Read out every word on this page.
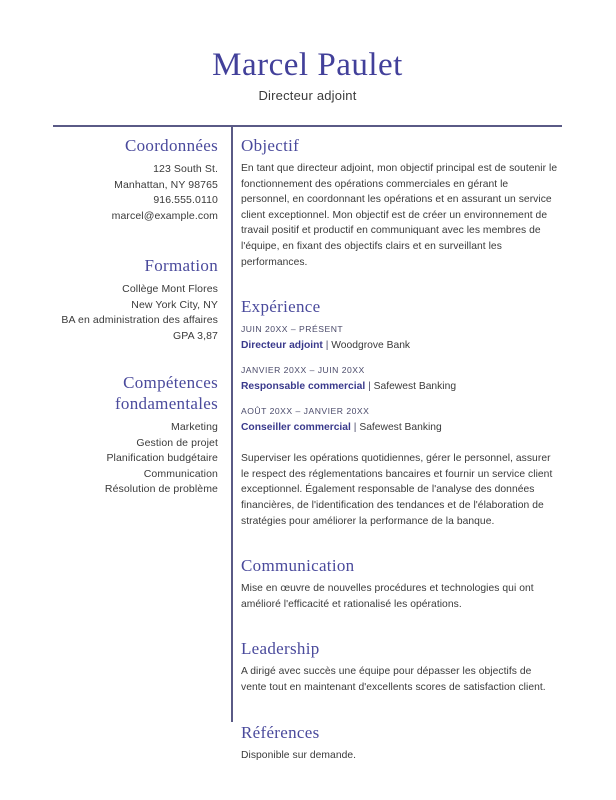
Marcel Paulet
Directeur adjoint
Coordonnées
123 South St.
Manhattan, NY 98765
916.555.0110
marcel@example.com
Formation
Collège Mont Flores
New York City, NY
BA en administration des affaires
GPA 3,87
Compétences
fondamentales
Marketing
Gestion de projet
Planification budgétaire
Communication
Résolution de problème
Objectif

En tant que directeur adjoint, mon objectif principal est de soutenir le fonctionnement des opérations commerciales en gérant le personnel, en coordonnant les opérations et en assurant un service client exceptionnel. Mon objectif est de créer un environnement de travail positif et productif en communiquant avec les membres de l'équipe, en fixant des objectifs clairs et en surveillant les performances.

Expérience
JUIN 20XX – PRÉSENT
Directeur adjoint | Woodgrove Bank
JANVIER 20XX – JUIN 20XX
Responsable commercial | Safewest Banking
AOÛT 20XX – JANVIER 20XX
Conseiller commercial | Safewest Banking

Superviser les opérations quotidiennes, gérer le personnel, assurer le respect des réglementations bancaires et fournir un service client exceptionnel. Également responsable de l'analyse des données financières, de l'identification des tendances et de l'élaboration de stratégies pour améliorer la performance de la banque.

Communication

Mise en œuvre de nouvelles procédures et technologies qui ont amélioré l'efficacité et rationalisé les opérations.

Leadership

A dirigé avec succès une équipe pour dépasser les objectifs de vente tout en maintenant d'excellents scores de satisfaction client.

Références

Disponible sur demande.
